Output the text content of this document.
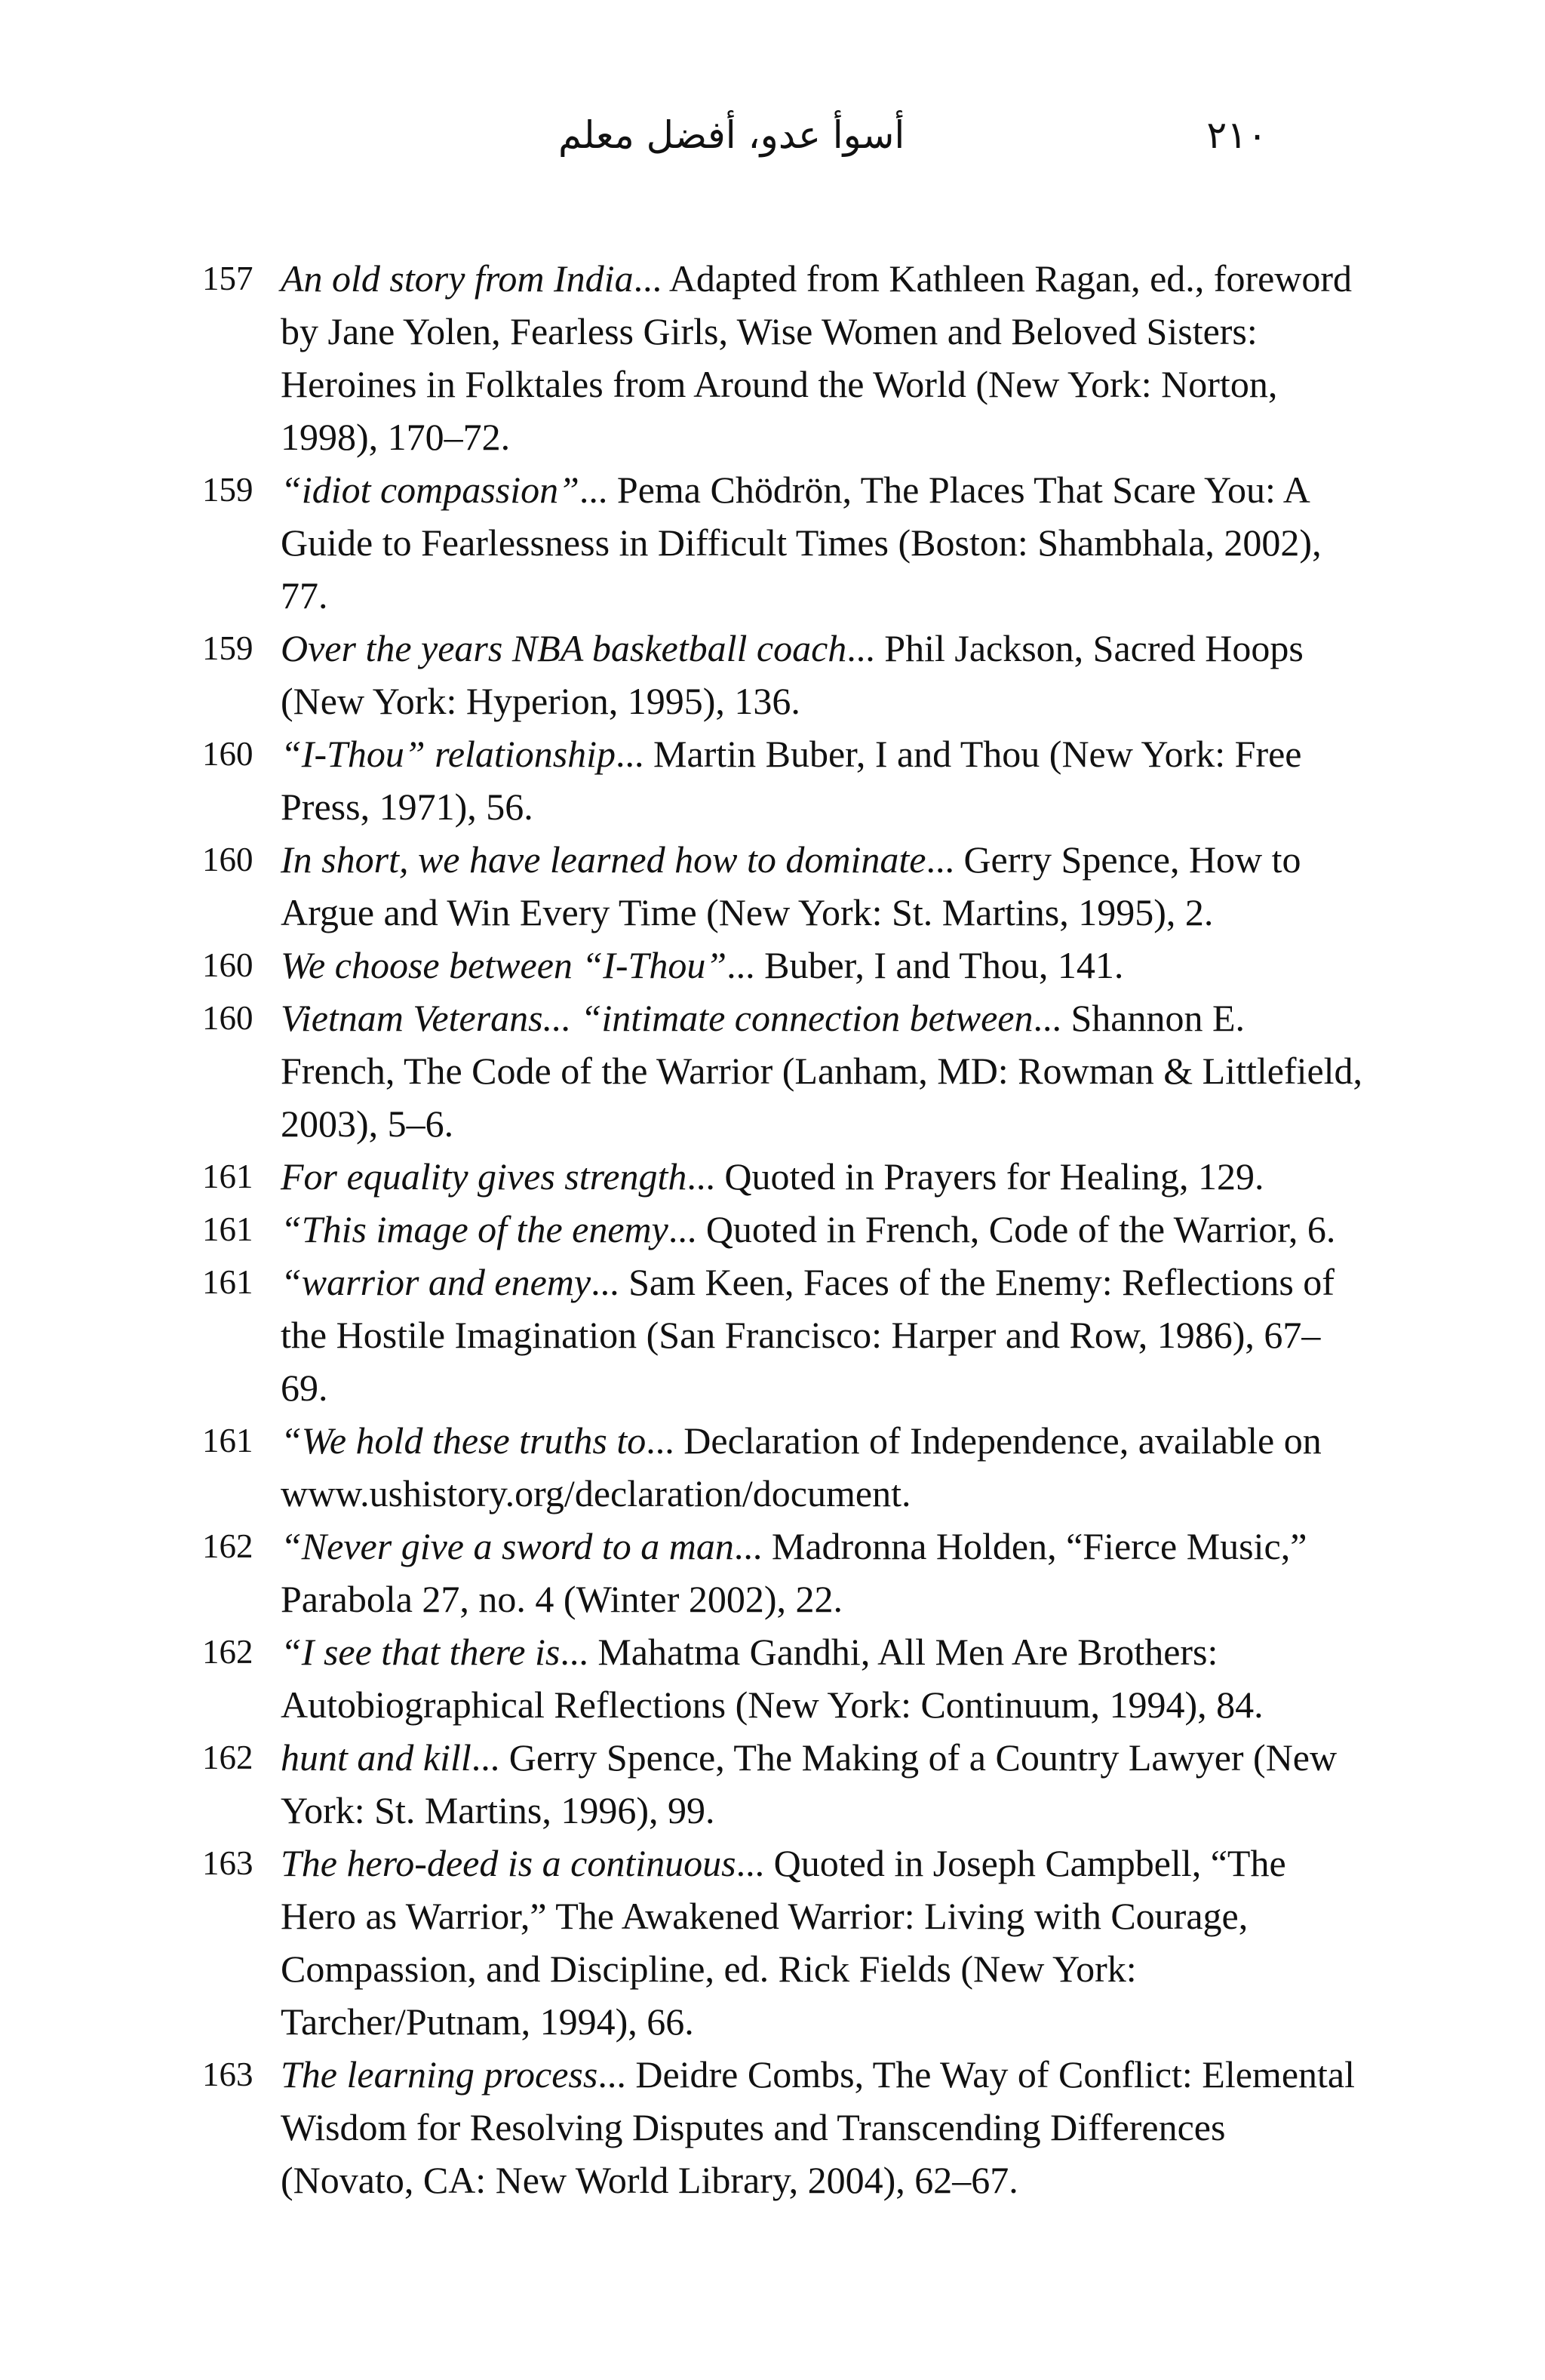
أسوأ عدو، أفضل معلم	٢١٠

157 An old story from India... Adapted from Kathleen Ragan, ed., foreword by Jane Yolen, Fearless Girls, Wise Women and Beloved Sisters: Heroines in Folktales from Around the World (New York: Norton, 1998), 170–72.

159 “idiot compassion”... Pema Chödrön, The Places That Scare You: A Guide to Fearlessness in Difficult Times (Boston: Shambhala, 2002), 77.

159 Over the years NBA basketball coach... Phil Jackson, Sacred Hoops (New York: Hyperion, 1995), 136.

160 “I-Thou” relationship... Martin Buber, I and Thou (New York: Free Press, 1971), 56.

160 In short, we have learned how to dominate... Gerry Spence, How to Argue and Win Every Time (New York: St. Martins, 1995), 2.

160 We choose between “I-Thou”... Buber, I and Thou, 141.

160 Vietnam Veterans... “intimate connection between... Shannon E. French, The Code of the Warrior (Lanham, MD: Rowman & Littlefield, 2003), 5–6.

161 For equality gives strength... Quoted in Prayers for Healing, 129.

161 “This image of the enemy... Quoted in French, Code of the Warrior, 6.

161 “warrior and enemy... Sam Keen, Faces of the Enemy: Reflections of the Hostile Imagination (San Francisco: Harper and Row, 1986), 67–69.

161 “We hold these truths to... Declaration of Independence, available on www.ushistory.org/declaration/document.

162 “Never give a sword to a man... Madronna Holden, “Fierce Music,” Parabola 27, no. 4 (Winter 2002), 22.

162 “I see that there is... Mahatma Gandhi, All Men Are Brothers: Autobiographical Reflections (New York: Continuum, 1994), 84.

162 hunt and kill... Gerry Spence, The Making of a Country Lawyer (New York: St. Martins, 1996), 99.

163 The hero-deed is a continuous... Quoted in Joseph Campbell, “The Hero as Warrior,” The Awakened Warrior: Living with Courage, Compassion, and Discipline, ed. Rick Fields (New York: Tarcher/Putnam, 1994), 66.

163 The learning process... Deidre Combs, The Way of Conflict: Elemental Wisdom for Resolving Disputes and Transcending Differences (Novato, CA: New World Library, 2004), 62–67.
